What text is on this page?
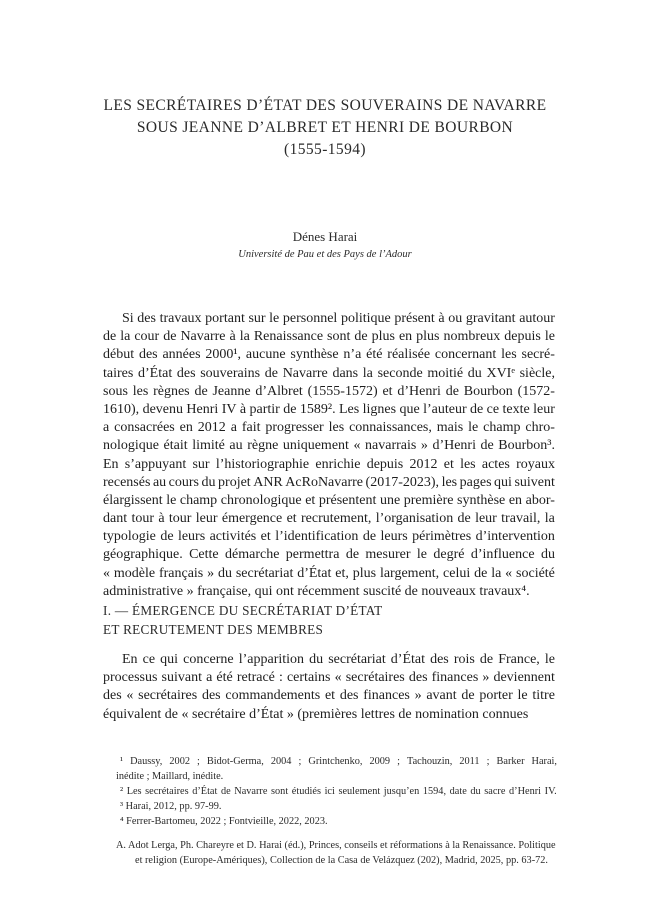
LES SECRÉTAIRES D’ÉTAT DES SOUVERAINS DE NAVARRE
SOUS JEANNE D’ALBRET ET HENRI DE BOURBON
(1555-1594)
Dénes Harai
Université de Pau et des Pays de l’Adour
Si des travaux portant sur le personnel politique présent à ou gravitant autour
de la cour de Navarre à la Renaissance sont de plus en plus nombreux depuis le
début des années 2000¹, aucune synthèse n’a été réalisée concernant les secré-
taires d’État des souverains de Navarre dans la seconde moitié du XVIᵉ siècle,
sous les règnes de Jeanne d’Albret (1555-1572) et d’Henri de Bourbon (1572-
1610), devenu Henri IV à partir de 1589². Les lignes que l’auteur de ce texte leur
a consacrées en 2012 a fait progresser les connaissances, mais le champ chro-
nologique était limité au règne uniquement « navarrais » d’Henri de Bourbon³.
En s’appuyant sur l’historiographie enrichie depuis 2012 et les actes royaux
recensés au cours du projet ANR AcRoNavarre (2017-2023), les pages qui suivent
élargissent le champ chronologique et présentent une première synthèse en abor-
dant tour à tour leur émergence et recrutement, l’organisation de leur travail, la
typologie de leurs activités et l’identification de leurs périmètres d’intervention
géographique. Cette démarche permettra de mesurer le degré d’influence du
« modèle français » du secrétariat d’État et, plus largement, celui de la « société
administrative » française, qui ont récemment suscité de nouveaux travaux⁴.
I. — ÉMERGENCE DU SECRÉTARIAT D’ÉTAT
ET RECRUTEMENT DES MEMBRES
En ce qui concerne l’apparition du secrétariat d’État des rois de France, le
processus suivant a été retracé : certains « secrétaires des finances » deviennent
des « secrétaires des commandements et des finances » avant de porter le titre
équivalent de « secrétaire d’État » (premières lettres de nomination connues
¹ Daussy, 2002 ; Bidot-Germa, 2004 ; Grintchenko, 2009 ; Tachouzin, 2011 ; Barker Harai,
inédite ; Maillard, inédite.
² Les secrétaires d’État de Navarre sont étudiés ici seulement jusqu’en 1594, date du sacre d’Henri IV.
³ Harai, 2012, pp. 97-99.
⁴ Ferrer-Bartomeu, 2022 ; Fontvieille, 2022, 2023.
A. Adot Lerga, Ph. Chareyre et D. Harai (éd.), Princes, conseils et réformations à la Renaissance. Politique
et religion (Europe-Amériques), Collection de la Casa de Velázquez (202), Madrid, 2025, pp. 63-72.
